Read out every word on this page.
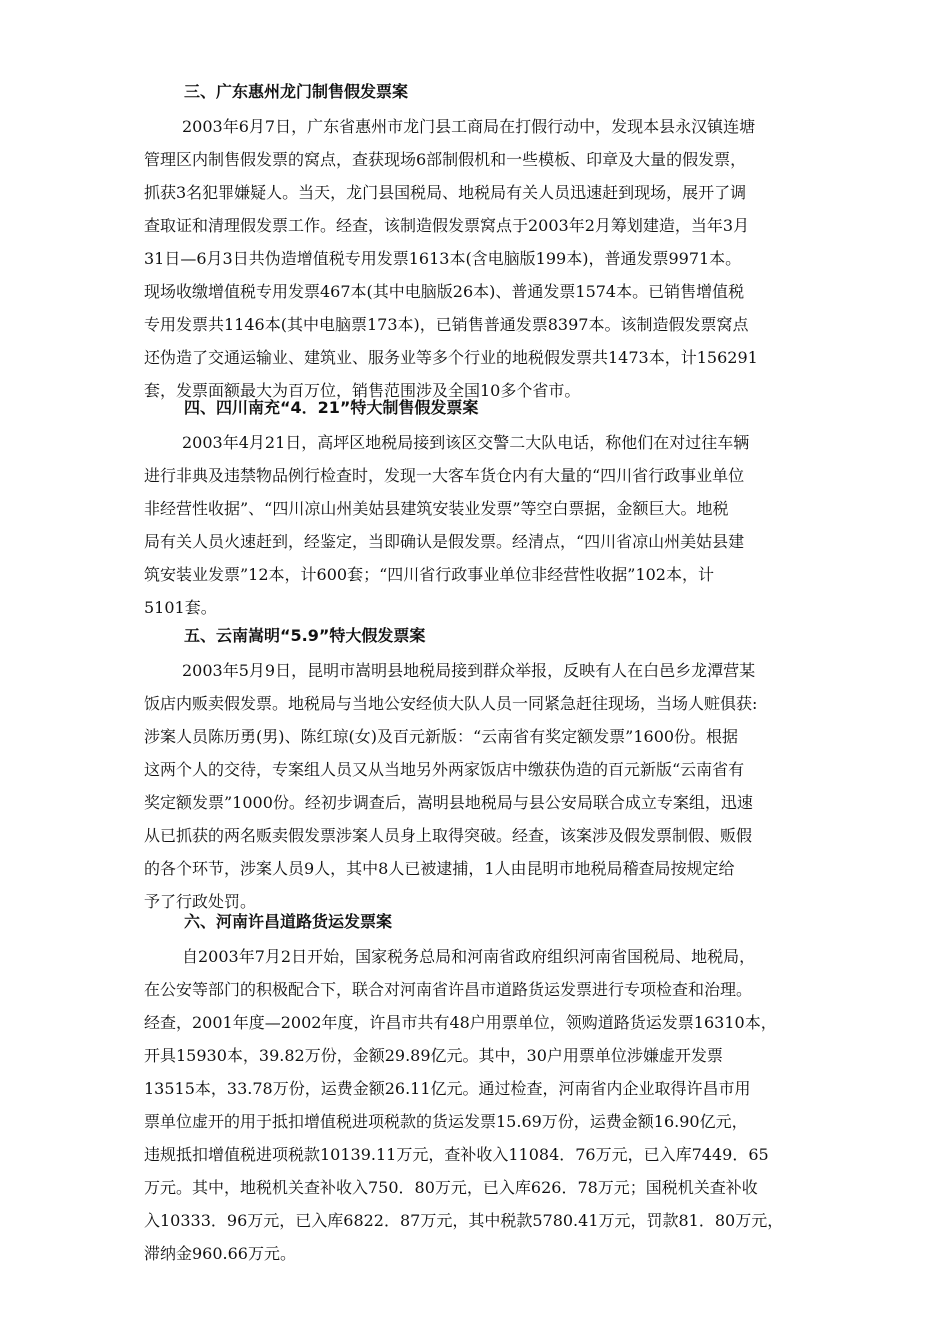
三、广东惠州龙门制售假发票案
2003年6月7日，广东省惠州市龙门县工商局在打假行动中，发现本县永汉镇连塘
管理区内制售假发票的窝点，查获现场6部制假机和一些模板、印章及大量的假发票，
抓获3名犯罪嫌疑人。当天，龙门县国税局、地税局有关人员迅速赶到现场，展开了调
查取证和清理假发票工作。经查，该制造假发票窝点于2003年2月筹划建造，当年3月
31日—6月3日共伪造增值税专用发票1613本(含电脑版199本)，普通发票9971本。
现场收缴增值税专用发票467本(其中电脑版26本)、普通发票1574本。已销售增值税
专用发票共1146本(其中电脑票173本)，已销售普通发票8397本。该制造假发票窝点
还伪造了交通运输业、建筑业、服务业等多个行业的地税假发票共1473本，计156291
套，发票面额最大为百万位，销售范围涉及全国10多个省市。
四、四川南充“4．21”特大制售假发票案
2003年4月21日，高坪区地税局接到该区交警二大队电话，称他们在对过往车辆
进行非典及违禁物品例行检查时，发现一大客车货仓内有大量的“四川省行政事业单位
非经营性收据”、“四川凉山州美姑县建筑安装业发票”等空白票据，金额巨大。地税
局有关人员火速赶到，经鉴定，当即确认是假发票。经清点，“四川省凉山州美姑县建
筑安装业发票”12本，计600套；“四川省行政事业单位非经营性收据”102本，计
5101套。
五、云南嵩明“5.9”特大假发票案
2003年5月9日，昆明市嵩明县地税局接到群众举报，反映有人在白邑乡龙潭营某
饭店内贩卖假发票。地税局与当地公安经侦大队人员一同紧急赶往现场，当场人赃俱获:
涉案人员陈历勇(男)、陈红琼(女)及百元新版：“云南省有奖定额发票”1600份。根据
这两个人的交待，专案组人员又从当地另外两家饭店中缴获伪造的百元新版“云南省有
奖定额发票”1000份。经初步调查后，嵩明县地税局与县公安局联合成立专案组，迅速
从已抓获的两名贩卖假发票涉案人员身上取得突破。经查，该案涉及假发票制假、贩假
的各个环节，涉案人员9人，其中8人已被逮捕，1人由昆明市地税局稽查局按规定给
予了行政处罚。
六、河南许昌道路货运发票案
自2003年7月2日开始，国家税务总局和河南省政府组织河南省国税局、地税局，
在公安等部门的积极配合下，联合对河南省许昌市道路货运发票进行专项检查和治理。
经查，2001年度—2002年度，许昌市共有48户用票单位，领购道路货运发票16310本，
开具15930本，39.82万份，金额29.89亿元。其中，30户用票单位涉嫌虚开发票
13515本，33.78万份，运费金额26.11亿元。通过检查，河南省内企业取得许昌市用
票单位虚开的用于抵扣增值税进项税款的货运发票15.69万份，运费金额16.90亿元，
违规抵扣增值税进项税款10139.11万元，查补收入11084．76万元，已入库7449．65
万元。其中，地税机关查补收入750．80万元，已入库626．78万元；国税机关查补收
入10333．96万元，已入库6822．87万元，其中税款5780.41万元，罚款81．80万元，
滞纳金960.66万元。
